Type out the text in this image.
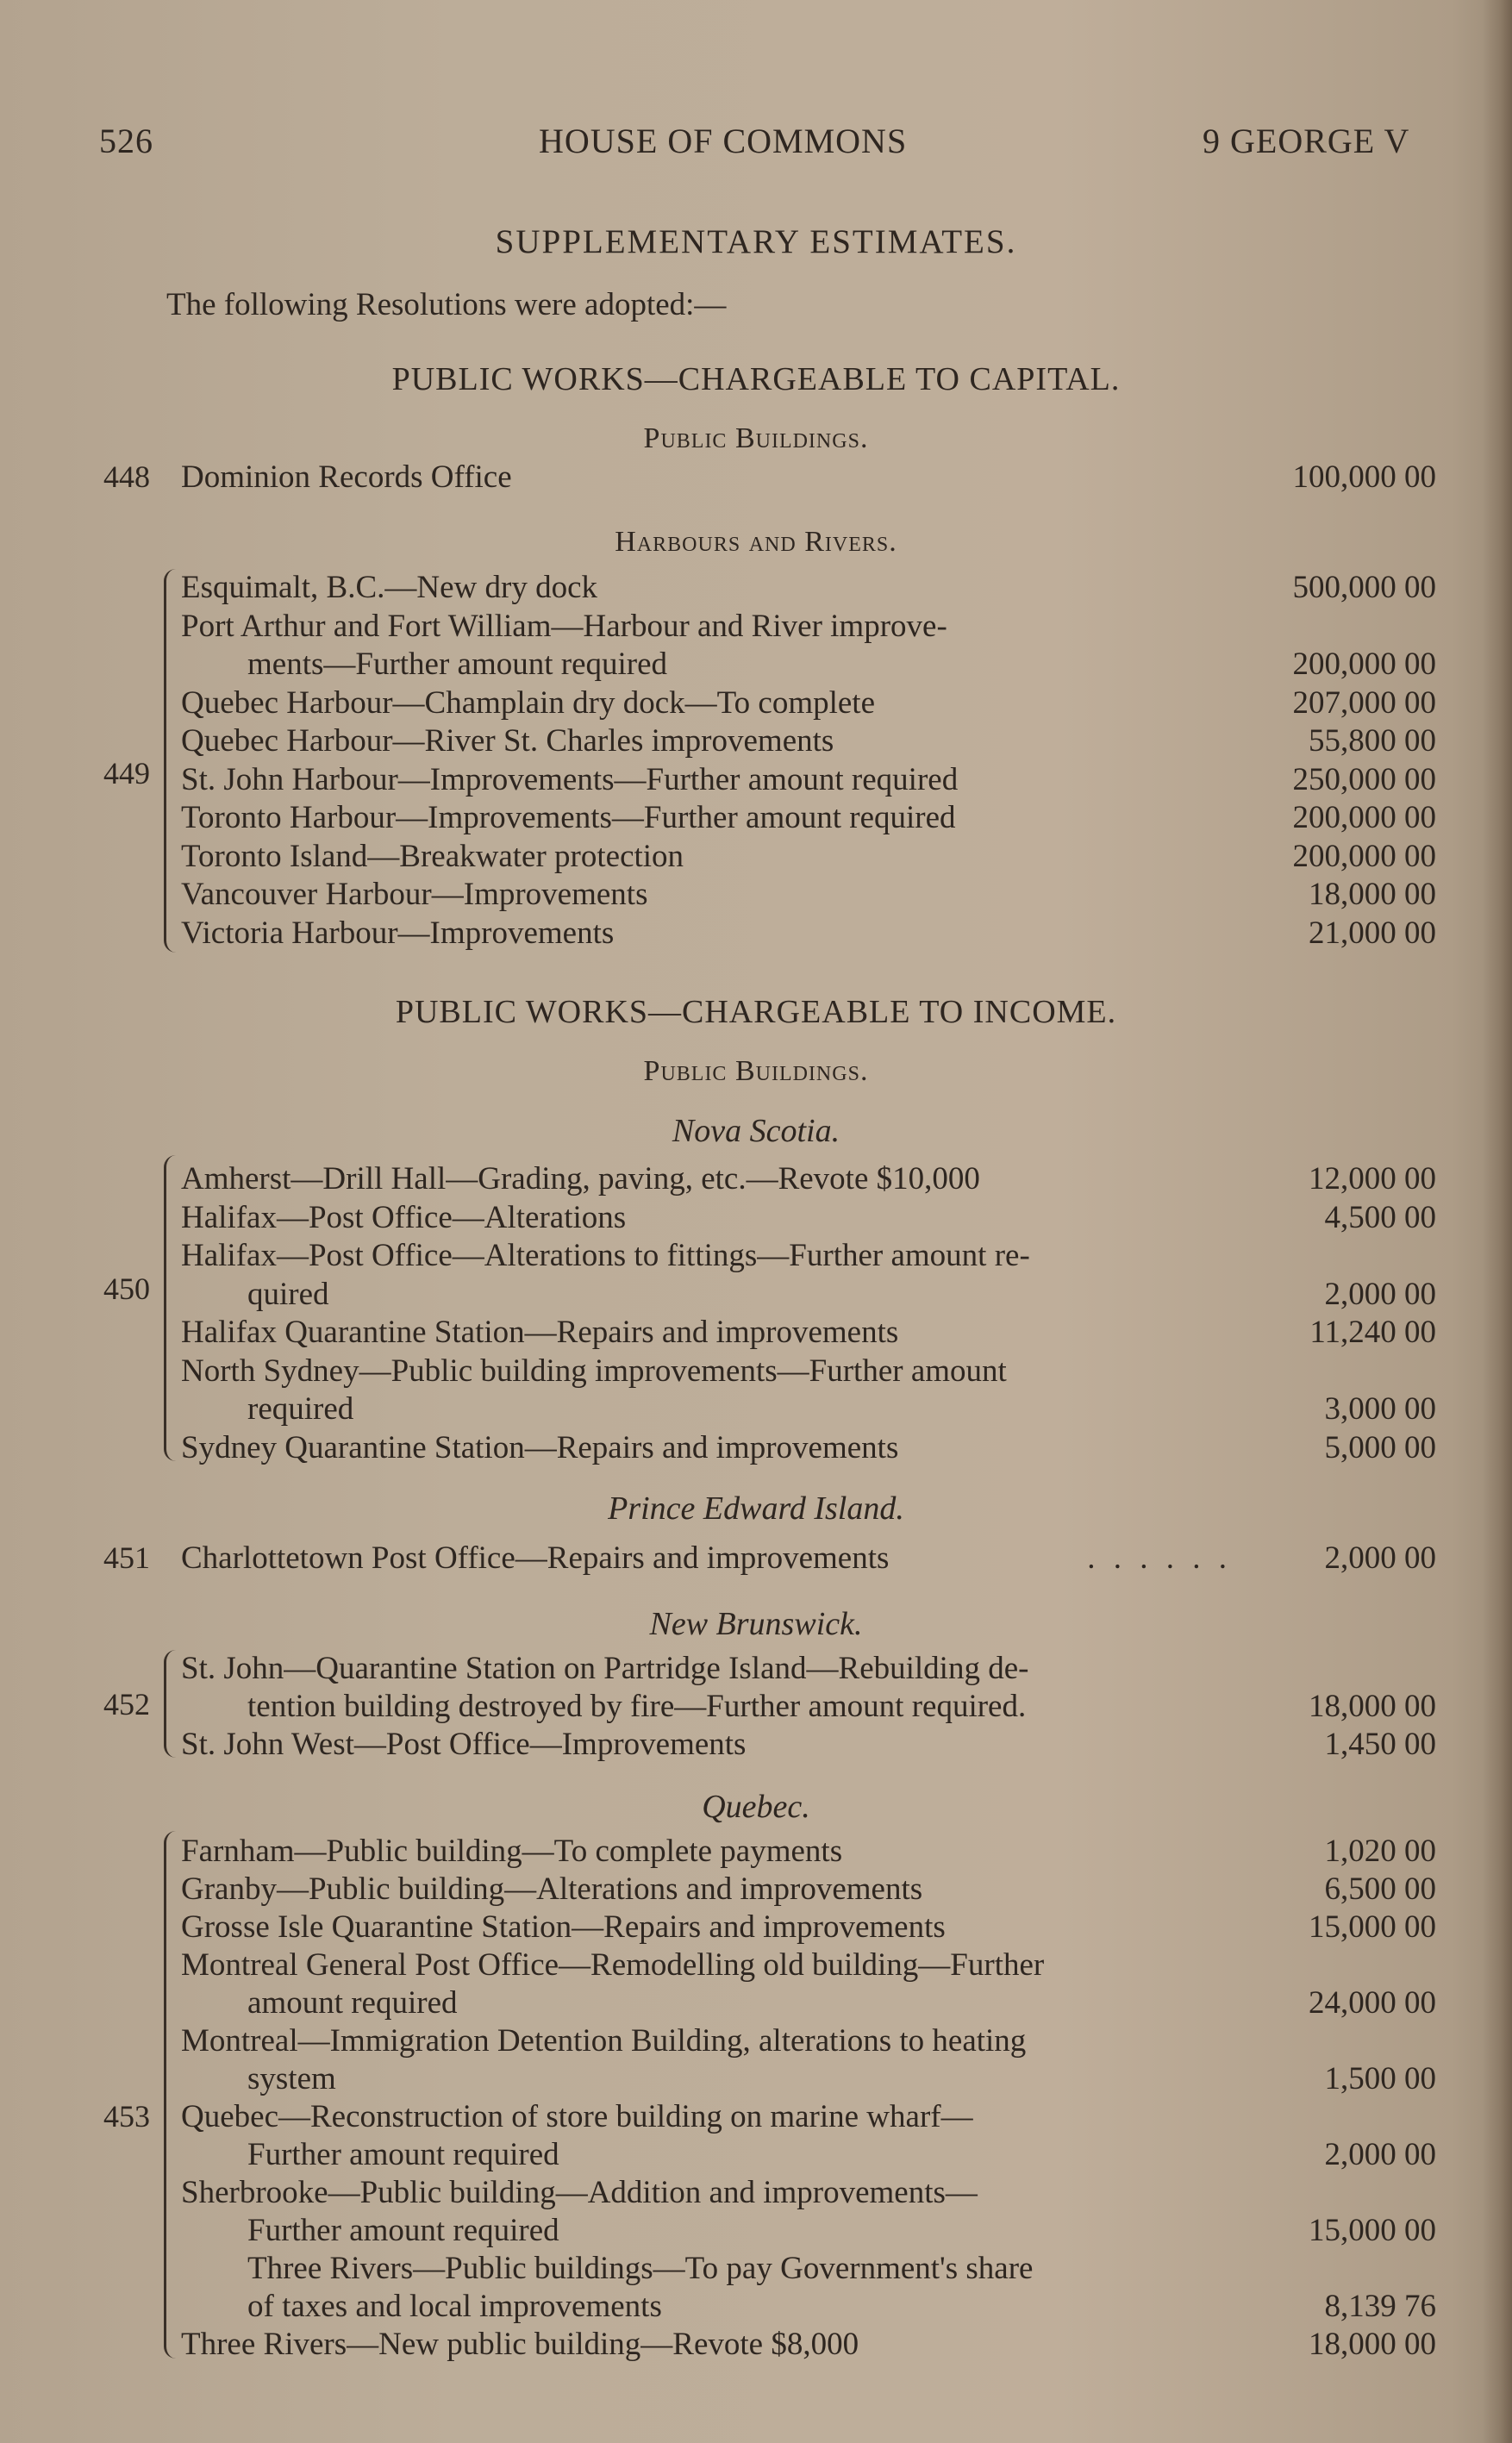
526	HOUSE OF COMMONS	9 GEORGE V
SUPPLEMENTARY ESTIMATES.
The following Resolutions were adopted:—
PUBLIC WORKS—CHARGEABLE TO CAPITAL.
Public Buildings.
448 Dominion Records Office	100,000 00
Harbours and Rivers.
449
Esquimalt, B.C.—New dry dock	500,000 00
Port Arthur and Fort William—Harbour and River improve-
ments—Further amount required	200,000 00
Quebec Harbour—Champlain dry dock—To complete	207,000 00
Quebec Harbour—River St. Charles improvements	55,800 00
St. John Harbour—Improvements—Further amount required	250,000 00
Toronto Harbour—Improvements—Further amount required	200,000 00
Toronto Island—Breakwater protection	200,000 00
Vancouver Harbour—Improvements	18,000 00
Victoria Harbour—Improvements	21,000 00
PUBLIC WORKS—CHARGEABLE TO INCOME.
Public Buildings.
Nova Scotia.
450
Amherst—Drill Hall—Grading, paving, etc.—Revote $10,000	12,000 00
Halifax—Post Office—Alterations	4,500 00
Halifax—Post Office—Alterations to fittings—Further amount re-
quired	2,000 00
Halifax Quarantine Station—Repairs and improvements	11,240 00
North Sydney—Public building improvements—Further amount
required	3,000 00
Sydney Quarantine Station—Repairs and improvements	5,000 00
Prince Edward Island.
451 Charlottetown Post Office—Repairs and improvements	. . . . . .	2,000 00
New Brunswick.
452
St. John—Quarantine Station on Partridge Island—Rebuilding de-
tention building destroyed by fire—Further amount required.	18,000 00
St. John West—Post Office—Improvements	1,450 00
Quebec.
453
Farnham—Public building—To complete payments	1,020 00
Granby—Public building—Alterations and improvements	6,500 00
Grosse Isle Quarantine Station—Repairs and improvements	15,000 00
Montreal General Post Office—Remodelling old building—Further
amount required	24,000 00
Montreal—Immigration Detention Building, alterations to heating
system	1,500 00
Quebec—Reconstruction of store building on marine wharf—
Further amount required	2,000 00
Sherbrooke—Public building—Addition and improvements—
Further amount required	15,000 00
Three Rivers—Public buildings—To pay Government's share
of taxes and local improvements	8,139 76
Three Rivers—New public building—Revote $8,000	18,000 00
